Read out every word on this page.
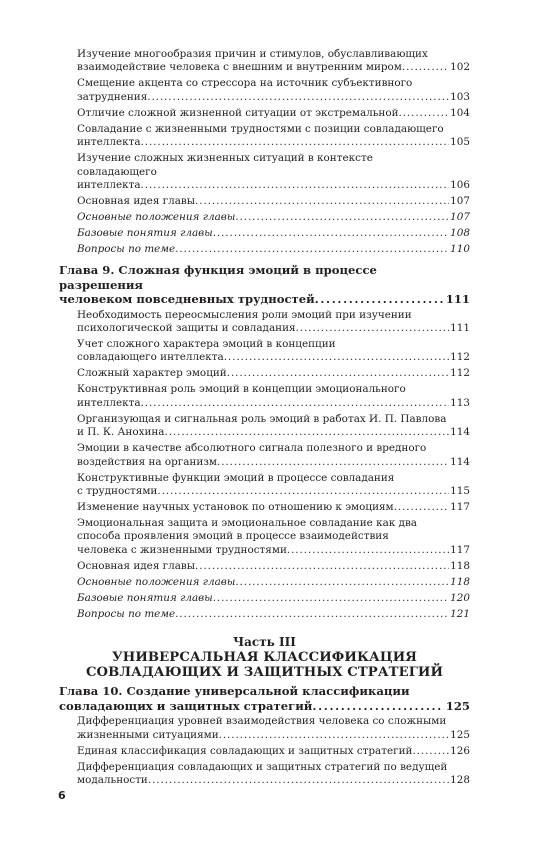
Изучение многообразия причин и стимулов, обуславливающих
взаимодействие человека с внешним и внутренним миром . . .	102
Смещение акцента со стрессора на источник субъективного
затруднения . . .	103
Отличие сложной жизненной ситуации от экстремальной . . .	104
Совладание с жизненными трудностями с позиции совладающего
интеллекта . . .	105
Изучение сложных жизненных ситуаций в контексте совладающего
интеллекта . . .	106
Основная идея главы . . .	107
Основные положения главы . . .	107
Базовые понятия главы . . .	108
Вопросы по теме . . .	110
Глава 9. Сложная функция эмоций в процессе разрешения
человеком повседневных трудностей . . .	111
Необходимость переосмысления роли эмоций при изучении
психологической защиты и совладания . . .	111
Учет сложного характера эмоций в концепции
совладающего интеллекта . . .	112
Сложный характер эмоций . . .	112
Конструктивная роль эмоций в концепции эмоционального
интеллекта . . .	113
Организующая и сигнальная роль эмоций в работах И. П. Павлова
и П. К. Анохина . . .	114
Эмоции в качестве абсолютного сигнала полезного и вредного
воздействия на организм . . .	114
Конструктивные функции эмоций в процессе совладания
с трудностями . . .	115
Изменение научных установок по отношению к эмоциям . . .	117
Эмоциональная защита и эмоциональное совладание как два способа проявления эмоций в процессе взаимодействия
человека с жизненными трудностями . . .	117
Основная идея главы . . .	118
Основные положения главы . . .	118
Базовые понятия главы . . .	120
Вопросы по теме . . .	121
Часть III
УНИВЕРСАЛЬНАЯ КЛАССИФИКАЦИЯ
СОВЛАДАЮЩИХ И ЗАЩИТНЫХ СТРАТЕГИЙ
Глава 10. Создание универсальной классификации
совладающих и защитных стратегий . . .	125
Дифференциация уровней взаимодействия человека со сложными
жизненными ситуациями . . .	125
Единая классификация совладающих и защитных стратегий . . .	126
Дифференциация совладающих и защитных стратегий по ведущей
модальности . . .	128
6
